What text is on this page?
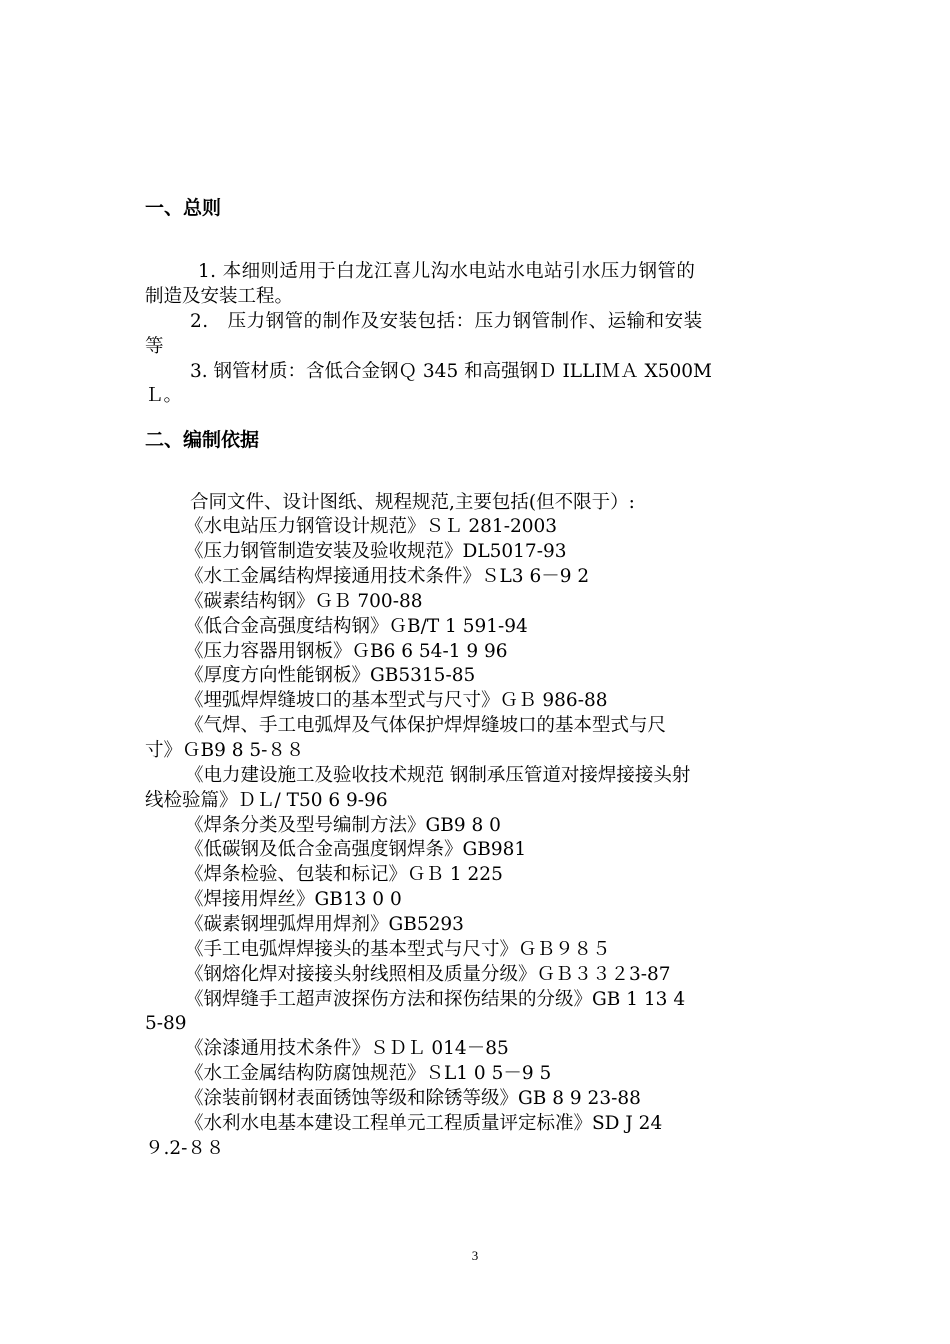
一、总则
1. 本细则适用于白龙江喜儿沟水电站水电站引水压力钢管的
制造及安装工程。
2.　压力钢管的制作及安装包括：压力钢管制作、运输和安装
等
3. 钢管材质：含低合金钢Ｑ 345 和高强钢Ｄ ILLIＭＡ X500M
Ｌ。
二、编制依据
合同文件、设计图纸、规程规范,主要包括(但不限于）:
《水电站压力钢管设计规范》ＳＬ 281-2003
《压力钢管制造安装及验收规范》DL5017-93
《水工金属结构焊接通用技术条件》ＳL3 6－9 2
《碳素结构钢》ＧＢ 700-88
《低合金高强度结构钢》ＧB/T 1 591-94
《压力容器用钢板》ＧB6 6 54-1 9 96
《厚度方向性能钢板》GB5315-85
《埋弧焊焊缝坡口的基本型式与尺寸》ＧＢ 986-88
《气焊、手工电弧焊及气体保护焊焊缝坡口的基本型式与尺
寸》ＧB9 8 5-８８
《电力建设施工及验收技术规范 钢制承压管道对接焊接接头射
线检验篇》ＤＬ/ T50 6 9-96
《焊条分类及型号编制方法》GB9 8 0
《低碳钢及低合金高强度钢焊条》GB981
《焊条检验、包装和标记》ＧＢ 1 225
《焊接用焊丝》GB13 0 0
《碳素钢埋弧焊用焊剂》GB5293
《手工电弧焊焊接头的基本型式与尺寸》ＧＢ９８５
《钢熔化焊对接接头射线照相及质量分级》ＧＢ３３２3-87
《钢焊缝手工超声波探伤方法和探伤结果的分级》GB 1 13 4
5-89
《涂漆通用技术条件》ＳＤＬ 014－85
《水工金属结构防腐蚀规范》ＳL1 0 5－9 5
《涂装前钢材表面锈蚀等级和除锈等级》GB 8 9 23-88
《水利水电基本建设工程单元工程质量评定标准》SD J 24
９.2-８８
3
